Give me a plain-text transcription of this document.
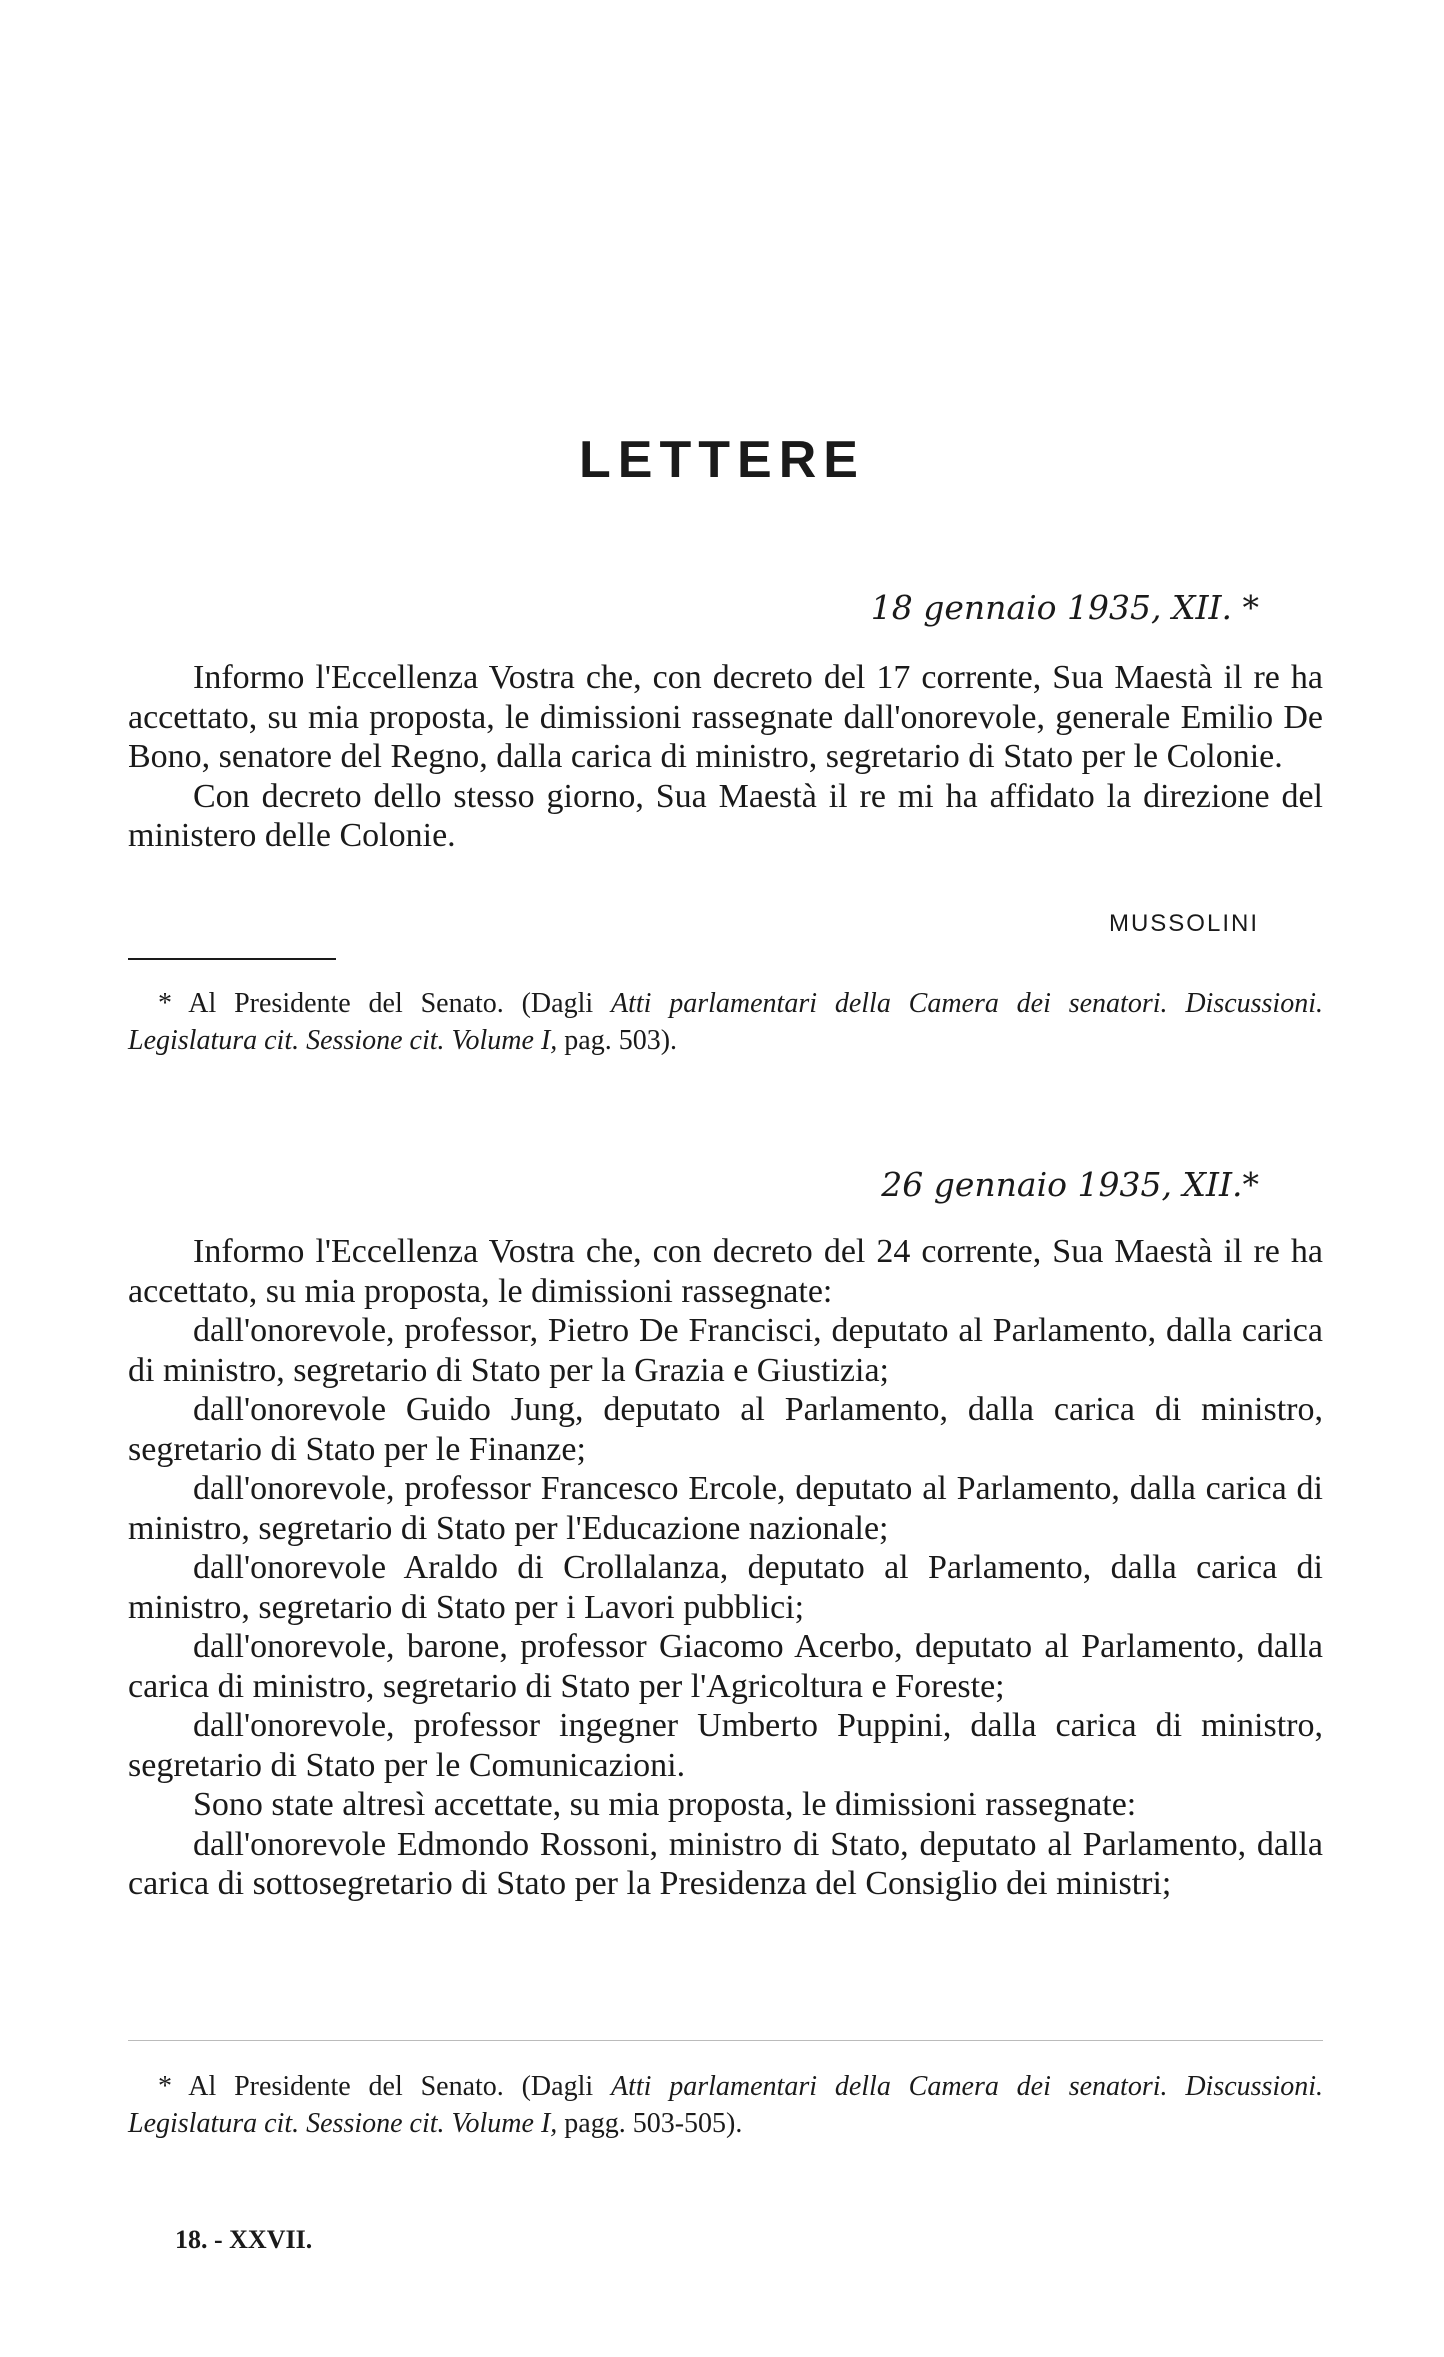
LETTERE

18 gennaio 1935, XII. *

Informo l'Eccellenza Vostra che, con decreto del 17 corrente, Sua Maestà il re ha accettato, su mia proposta, le dimissioni rassegnate dall'onorevole, generale Emilio De Bono, senatore del Regno, dalla carica di ministro, segretario di Stato per le Colonie.

Con decreto dello stesso giorno, Sua Maestà il re mi ha affidato la direzione del ministero delle Colonie.

MUSSOLINI

* Al Presidente del Senato. (Dagli Atti parlamentari della Camera dei senatori. Discussioni. Legislatura cit. Sessione cit. Volume I, pag. 503).

26 gennaio 1935, XII.*

Informo l'Eccellenza Vostra che, con decreto del 24 corrente, Sua Maestà il re ha accettato, su mia proposta, le dimissioni rassegnate:

dall'onorevole, professor, Pietro De Francisci, deputato al Parlamento, dalla carica di ministro, segretario di Stato per la Grazia e Giustizia;

dall'onorevole Guido Jung, deputato al Parlamento, dalla carica di ministro, segretario di Stato per le Finanze;

dall'onorevole, professor Francesco Ercole, deputato al Parlamento, dalla carica di ministro, segretario di Stato per l'Educazione nazionale;

dall'onorevole Araldo di Crollalanza, deputato al Parlamento, dalla carica di ministro, segretario di Stato per i Lavori pubblici;

dall'onorevole, barone, professor Giacomo Acerbo, deputato al Parlamento, dalla carica di ministro, segretario di Stato per l'Agricoltura e Foreste;

dall'onorevole, professor ingegner Umberto Puppini, dalla carica di ministro, segretario di Stato per le Comunicazioni.

Sono state altresì accettate, su mia proposta, le dimissioni rassegnate:

dall'onorevole Edmondo Rossoni, ministro di Stato, deputato al Parlamento, dalla carica di sottosegretario di Stato per la Presidenza del Consiglio dei ministri;

* Al Presidente del Senato. (Dagli Atti parlamentari della Camera dei senatori. Discussioni. Legislatura cit. Sessione cit. Volume I, pagg. 503-505).

18. - XXVII.
